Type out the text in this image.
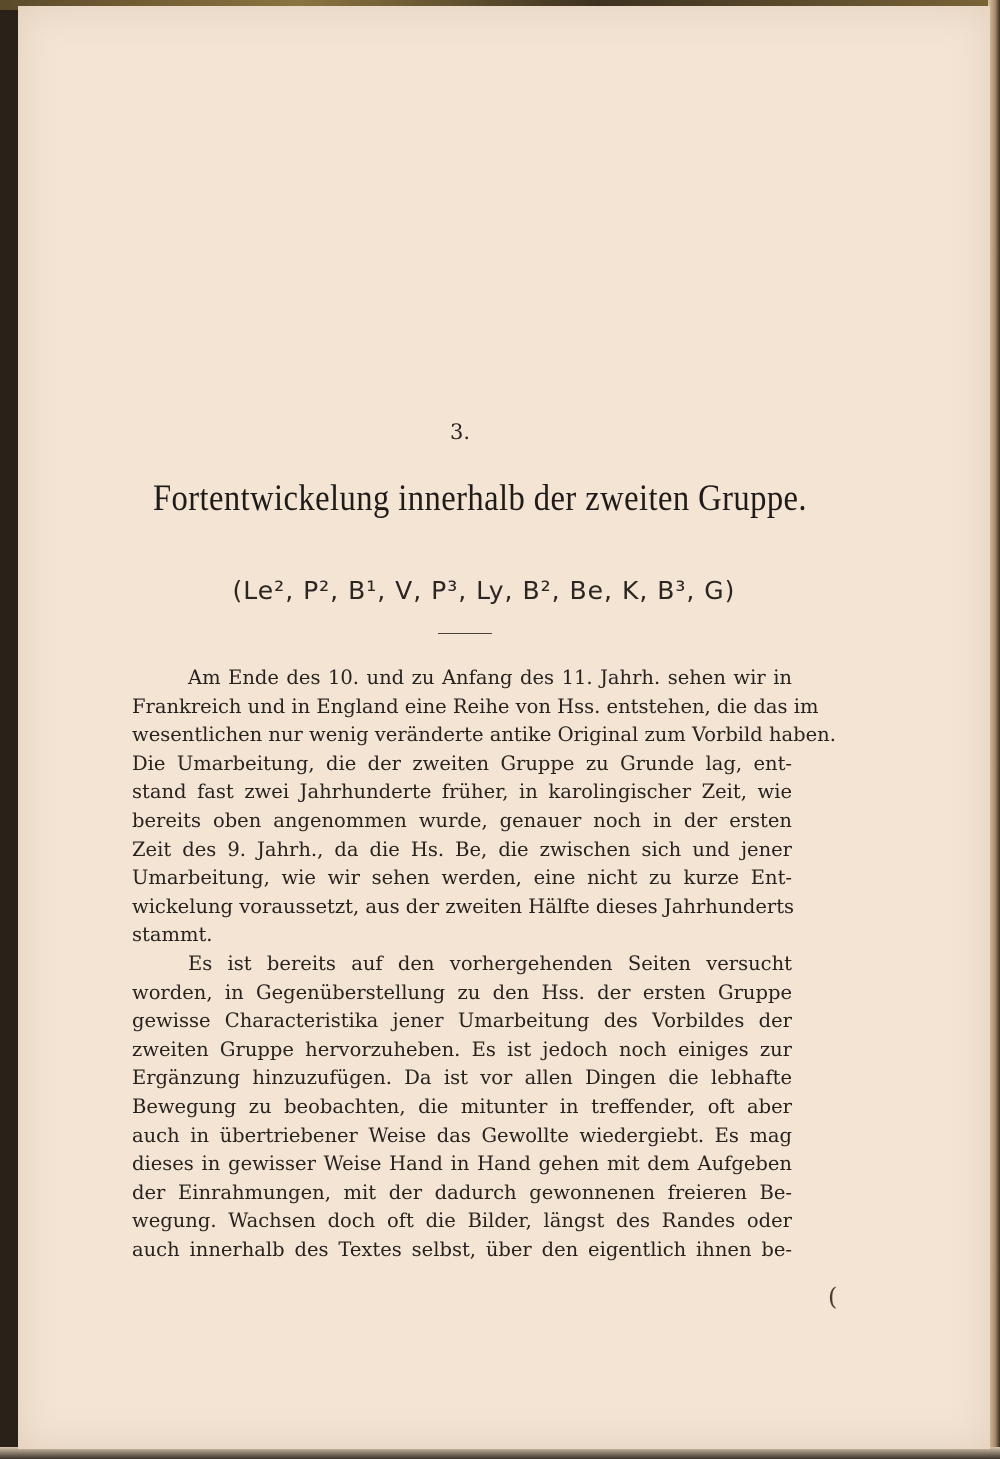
3.
Fortentwickelung innerhalb der zweiten Gruppe.
(Le², P², B¹, V, P³, Ly, B², Be, K, B³, G)

Am Ende des 10. und zu Anfang des 11. Jahrh. sehen wir in
Frankreich und in England eine Reihe von Hss. entstehen, die das im
wesentlichen nur wenig veränderte antike Original zum Vorbild haben.
Die Umarbeitung, die der zweiten Gruppe zu Grunde lag, ent-
stand fast zwei Jahrhunderte früher, in karolingischer Zeit, wie
bereits oben angenommen wurde, genauer noch in der ersten
Zeit des 9. Jahrh., da die Hs. Be, die zwischen sich und jener
Umarbeitung, wie wir sehen werden, eine nicht zu kurze Ent-
wickelung voraussetzt, aus der zweiten Hälfte dieses Jahrhunderts
stammt.

Es ist bereits auf den vorhergehenden Seiten versucht
worden, in Gegenüberstellung zu den Hss. der ersten Gruppe
gewisse Characteristika jener Umarbeitung des Vorbildes der
zweiten Gruppe hervorzuheben. Es ist jedoch noch einiges zur
Ergänzung hinzuzufügen. Da ist vor allen Dingen die lebhafte
Bewegung zu beobachten, die mitunter in treffender, oft aber
auch in übertriebener Weise das Gewollte wiedergiebt. Es mag
dieses in gewisser Weise Hand in Hand gehen mit dem Aufgeben
der Einrahmungen, mit der dadurch gewonnenen freieren Be-
wegung. Wachsen doch oft die Bilder, längst des Randes oder
auch innerhalb des Textes selbst, über den eigentlich ihnen be-

(
